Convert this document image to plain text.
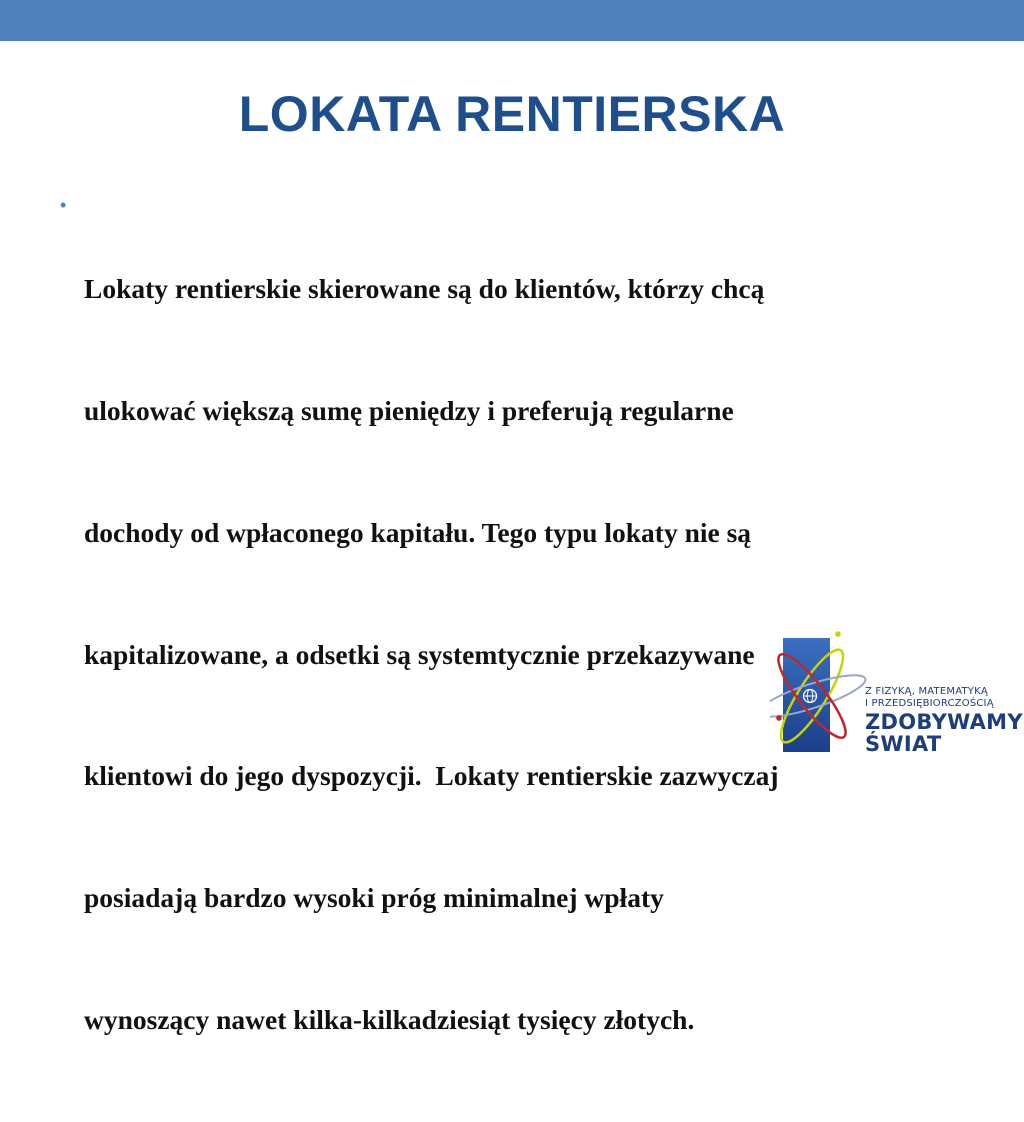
LOKATA RENTIERSKA
•

Lokaty rentierskie skierowane są do klientów, którzy chcą

ulokować większą sumę pieniędzy i preferują regularne

dochody od wpłaconego kapitału. Tego typu lokaty nie są

kapitalizowane, a odsetki są systemtycznie przekazywane

klientowi do jego dyspozycji.  Lokaty rentierskie zazwyczaj

posiadają bardzo wysoki próg minimalnej wpłaty

wynoszący nawet kilka-kilkadziesiąt tysięcy złotych.

Z FIZYKĄ, MATEMATYKĄ
I PRZEDSIĘBIORCZOŚCIĄ
ZDOBYWAMY
ŚWIAT
